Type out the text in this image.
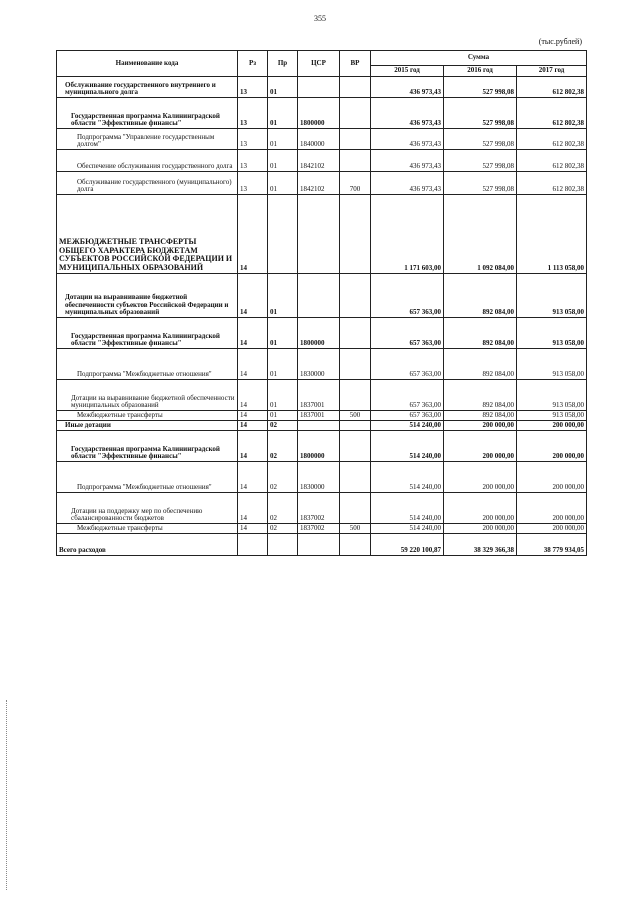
355
(тыс.рублей)
Наименование кода	Рз	Пр	ЦСР	ВР	Сумма		
					2015 год	2016 год	2017 год
Обслуживание государственного внутреннего и муниципального долга	13	01			436 973,43	527 998,08	612 802,38
Государственная программа Калининградской области "Эффективные финансы"	13	01	1800000		436 973,43	527 998,08	612 802,38
Подпрограмма "Управление государственным долгом"	13	01	1840000		436 973,43	527 998,08	612 802,38
Обеспечение обслуживания государственного долга	13	01	1842102		436 973,43	527 998,08	612 802,38
Обслуживание государственного (муниципального) долга	13	01	1842102	700	436 973,43	527 998,08	612 802,38
МЕЖБЮДЖЕТНЫЕ ТРАНСФЕРТЫ ОБЩЕГО ХАРАКТЕРА БЮДЖЕТАМ СУБЪЕКТОВ РОССИЙСКОЙ ФЕДЕРАЦИИ И МУНИЦИПАЛЬНЫХ ОБРАЗОВАНИЙ	14				1 171 603,00	1 092 084,00	1 113 058,00
Дотации на выравнивание бюджетной обеспеченности субъектов Российской Федерации и муниципальных образований	14	01			657 363,00	892 084,00	913 058,00
Государственная программа Калининградской области "Эффективные финансы"	14	01	1800000		657 363,00	892 084,00	913 058,00
Подпрограмма "Межбюджетные отношения"	14	01	1830000		657 363,00	892 084,00	913 058,00
Дотации на выравнивание бюджетной обеспеченности муниципальных образований	14	01	1837001		657 363,00	892 084,00	913 058,00
Межбюджетные трансферты	14	01	1837001	500	657 363,00	892 084,00	913 058,00
Иные дотации	14	02			514 240,00	200 000,00	200 000,00
Государственная программа Калининградской области "Эффективные финансы"	14	02	1800000		514 240,00	200 000,00	200 000,00
Подпрограмма "Межбюджетные отношения"	14	02	1830000		514 240,00	200 000,00	200 000,00
Дотации на поддержку мер по обеспечению сбалансированности бюджетов	14	02	1837002		514 240,00	200 000,00	200 000,00
Межбюджетные трансферты	14	02	1837002	500	514 240,00	200 000,00	200 000,00
Всего расходов					59 220 100,87	38 329 366,38	38 779 934,05
